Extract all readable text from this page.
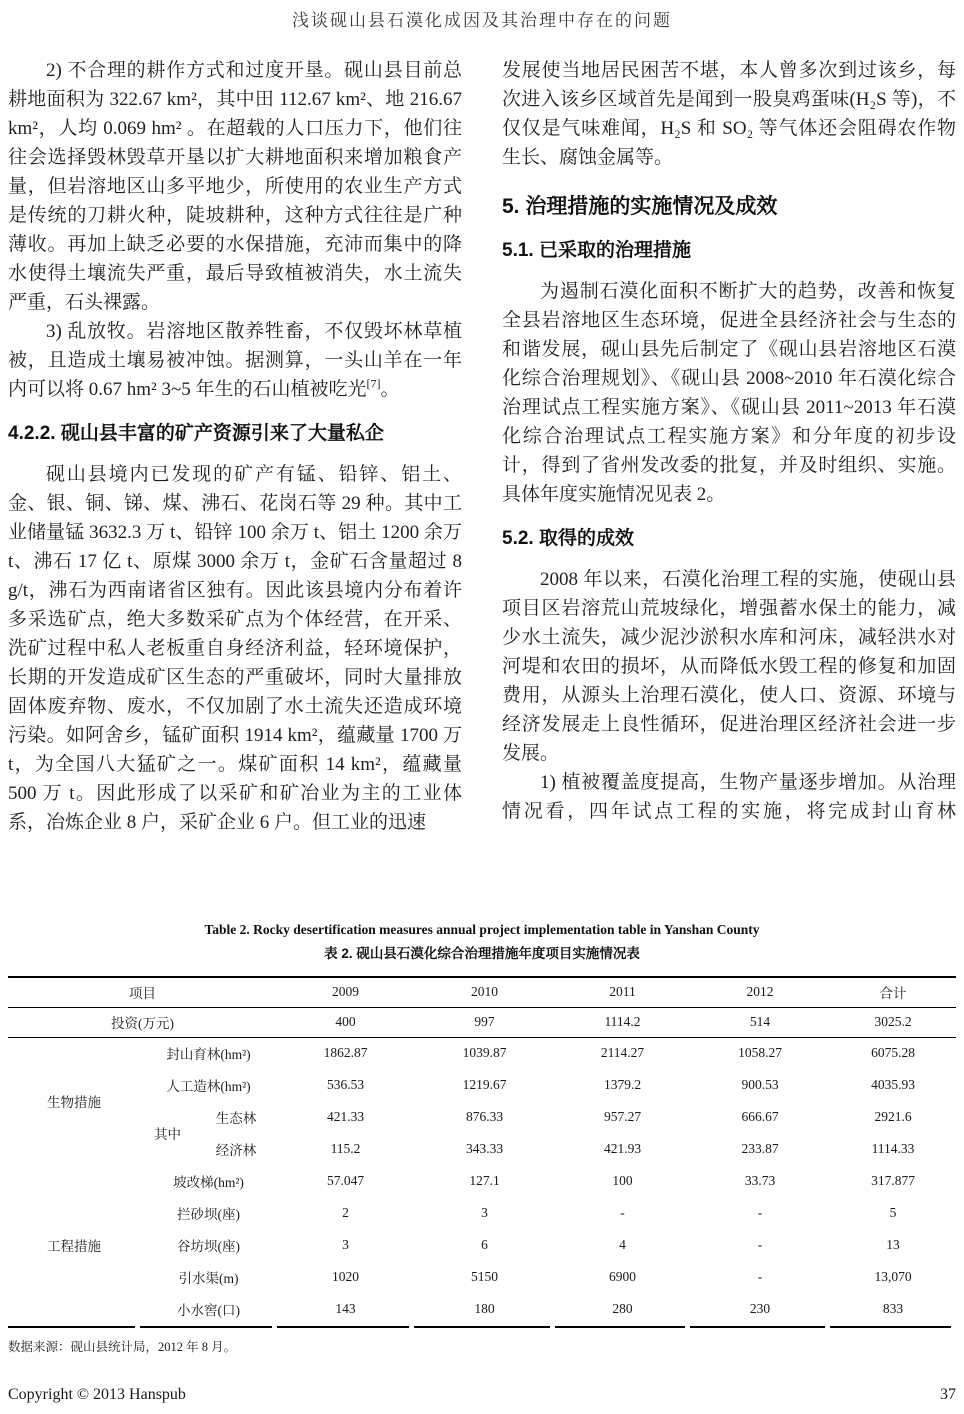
浅谈砚山县石漠化成因及其治理中存在的问题

2) 不合理的耕作方式和过度开垦。砚山县目前总耕地面积为 322.67 km²，其中田 112.67 km²、地 216.67 km²，人均 0.069 hm² 。在超载的人口压力下，他们往往会选择毁林毁草开垦以扩大耕地面积来增加粮食产量，但岩溶地区山多平地少，所使用的农业生产方式是传统的刀耕火种，陡坡耕种，这种方式往往是广种薄收。再加上缺乏必要的水保措施，充沛而集中的降水使得土壤流失严重，最后导致植被消失，水土流失严重，石头裸露。

3) 乱放牧。岩溶地区散养牲畜，不仅毁坏林草植被，且造成土壤易被冲蚀。据测算，一头山羊在一年内可以将 0.67 hm² 3~5 年生的石山植被吃光[7]。

4.2.2. 砚山县丰富的矿产资源引来了大量私企

砚山县境内已发现的矿产有锰、铅锌、铝土、金、银、铜、锑、煤、沸石、花岗石等 29 种。其中工业储量锰 3632.3 万 t、铅锌 100 余万 t、铝土 1200 余万 t、沸石 17 亿 t、原煤 3000 余万 t，金矿石含量超过 8 g/t，沸石为西南诸省区独有。因此该县境内分布着许多采选矿点，绝大多数采矿点为个体经营，在开采、洗矿过程中私人老板重自身经济利益，轻环境保护，长期的开发造成矿区生态的严重破坏，同时大量排放固体废弃物、废水，不仅加剧了水土流失还造成环境污染。如阿舍乡，锰矿面积 1914 km²，蕴藏量 1700 万 t，为全国八大猛矿之一。煤矿面积 14 km²，蕴藏量 500 万 t。因此形成了以采矿和矿冶业为主的工业体系，冶炼企业 8 户，采矿企业 6 户。但工业的迅速

发展使当地居民困苦不堪，本人曾多次到过该乡，每次进入该乡区域首先是闻到一股臭鸡蛋味(H₂S 等)，不仅仅是气味难闻，H₂S 和 SO₂ 等气体还会阻碍农作物生长、腐蚀金属等。

5. 治理措施的实施情况及成效
5.1. 已采取的治理措施

为遏制石漠化面积不断扩大的趋势，改善和恢复全县岩溶地区生态环境，促进全县经济社会与生态的和谐发展，砚山县先后制定了《砚山县岩溶地区石漠化综合治理规划》、《砚山县 2008~2010 年石漠化综合治理试点工程实施方案》、《砚山县 2011~2013 年石漠化综合治理试点工程实施方案》和分年度的初步设计，得到了省州发改委的批复，并及时组织、实施。具体年度实施情况见表 2。

5.2. 取得的成效

2008 年以来，石漠化治理工程的实施，使砚山县项目区岩溶荒山荒坡绿化，增强蓄水保土的能力，减少水土流失，减少泥沙淤积水库和河床，减轻洪水对河堤和农田的损坏，从而降低水毁工程的修复和加固费用，从源头上治理石漠化，使人口、资源、环境与经济发展走上良性循环，促进治理区经济社会进一步发展。

1) 植被覆盖度提高，生物产量逐步增加。从治理情况看，四年试点工程的实施，将完成封山育林

Table 2. Rocky desertification measures annual project implementation table in Yanshan County
表 2. 砚山县石漠化综合治理措施年度项目实施情况表
项目			2009	2010	2011	2012	合计
投资(万元)			400	997	1114.2	514	3025.2
生物措施	封山育林(hm²)		1862.87	1039.87	2114.27	1058.27	6075.28
	人工造林(hm²)		536.53	1219.67	1379.2	900.53	4035.93
	其中	生态林	421.33	876.33	957.27	666.67	2921.6
		经济林	115.2	343.33	421.93	233.87	1114.33
工程措施	坡改梯(hm²)		57.047	127.1	100	33.73	317.877
	拦砂坝(座)		2	3	-	-	5
	谷坊坝(座)		3	6	4	-	13
	引水渠(m)		1020	5150	6900	-	13,070
	小水窖(口)		143	180	280	230	833
数据来源：砚山县统计局，2012 年 8 月。
Copyright © 2013 Hanspub	37
